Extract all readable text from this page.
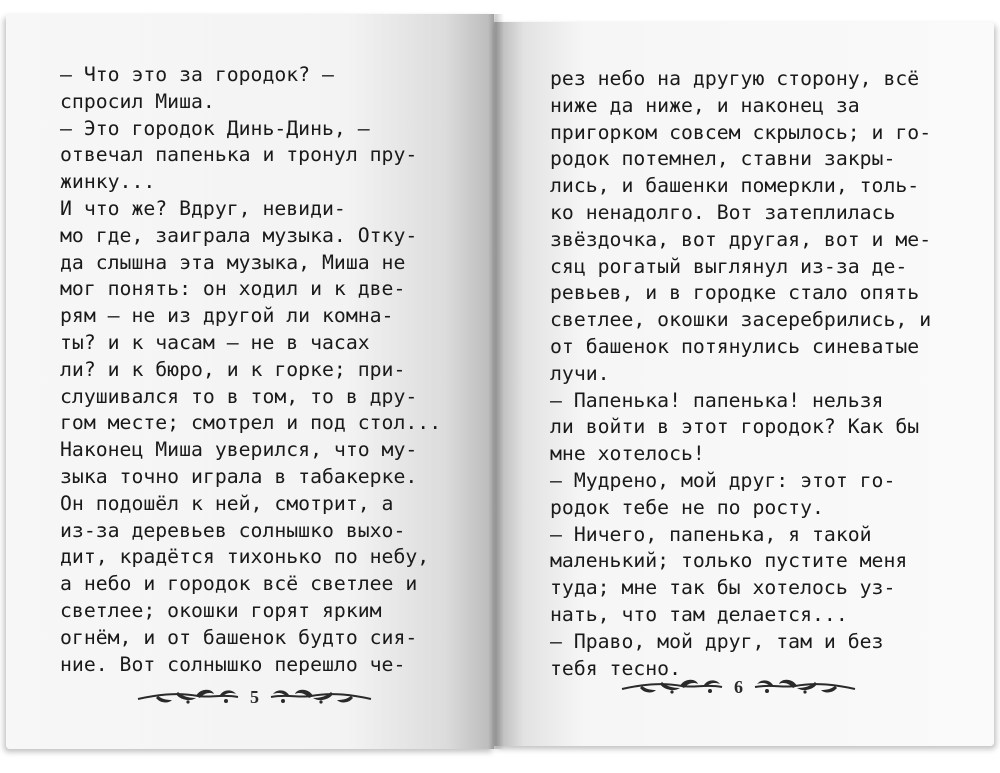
— Что это за городок? —
спросил Миша.
— Это городок Динь-Динь, —
отвечал папенька и тронул пру-
жинку...
И что же? Вдруг, невиди-
мо где, заиграла музыка. Отку-
да слышна эта музыка, Миша не
мог понять: он ходил и к две-
рям — не из другой ли комна-
ты? и к часам — не в часах
ли? и к бюро, и к горке; при-
слушивался то в том, то в дру-
гом месте; смотрел и под стол...
Наконец Миша уверился, что му-
зыка точно играла в табакерке.
Он подошёл к ней, смотрит, а
из-за деревьев солнышко выхо-
дит, крадётся тихонько по небу,
а небо и городок всё светлее и
светлее; окошки горят ярким
огнём, и от башенок будто сия-
ние. Вот солнышко перешло че-
рез небо на другую сторону, всё
ниже да ниже, и наконец за
пригорком совсем скрылось; и го-
родок потемнел, ставни закры-
лись, и башенки померкли, толь-
ко ненадолго. Вот затеплилась
звёздочка, вот другая, вот и ме-
сяц рогатый выглянул из-за де-
ревьев, и в городке стало опять
светлее, окошки засеребрились, и
от башенок потянулись синеватые
лучи.
— Папенька! папенька! нельзя
ли войти в этот городок? Как бы
мне хотелось!
— Мудрено, мой друг: этот го-
родок тебе не по росту.
— Ничего, папенька, я такой
маленький; только пустите меня
туда; мне так бы хотелось уз-
нать, что там делается...
— Право, мой друг, там и без
тебя тесно.
5	6
